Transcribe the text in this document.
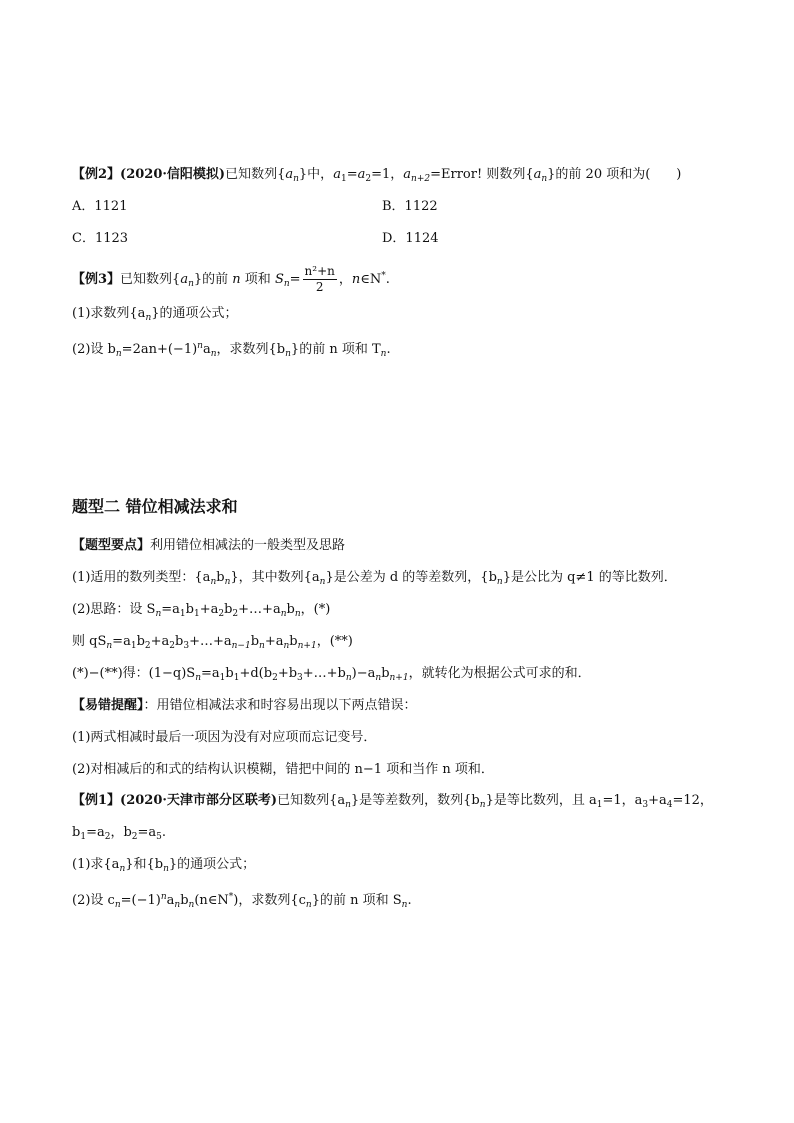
【例2】(2020·信阳模拟)已知数列$\{a_n\}$中，$a_1=a_2=1$，$a_{n+2}=Error$! 则数列$\{a_n\}$的前 20 项和为(　　)
A．1121	B．1122
C．1123	D．1124
【例3】已知数列$\{a_n\}$的前 n 项和 $S_n= \frac{\text{n²+n}}{2}$ ，n∈N*.
(1)求数列$\{a_n\}$的通项公式；
(2)设 $b_n=2an+(-1)^na_n$，求数列$\{b_n\}$的前 n 项和 $T_n$.
题型二 错位相减法求和
【题型要点】利用错位相减法的一般类型及思路
(1)适用的数列类型：$\{a_nb_n\}$，其中数列$\{a_n\}$是公差为 d 的等差数列，$\{b_n\}$是公比为 q≠1 的等比数列．
(2)思路：设 $S_n=a_1b_1+a_2b_2+\dots+a_nb_n$，(*)
则 $qS_n=a_1b_2+a_2b_3+\dots+a_{n-1}b_n+a_nb_{n+1}$，(**)
(*)−(**)得：$(1-q)S_n=a_1b_1+d(b_2+b_3+\dots+b_n)-a_nb_{n+1}$，就转化为根据公式可求的和．
【易错提醒】：用错位相减法求和时容易出现以下两点错误：
(1)两式相减时最后一项因为没有对应项而忘记变号．
(2)对相减后的和式的结构认识模糊，错把中间的 n−1 项和当作 n 项和．
【例1】(2020·天津市部分区联考)已知数列$\{a_n\}$是等差数列，数列$\{b_n\}$是等比数列，且 $a_1=1$，$a_3+a_4=12$，
$b_1=a_2$，$b_2=a_5$.
(1)求$\{a_n\}$和$\{b_n\}$的通项公式；
(2)设 $c_n=(-1)^na_nb_n(n\in N^*)$，求数列$\{c_n\}$的前 n 项和 $S_n$.
